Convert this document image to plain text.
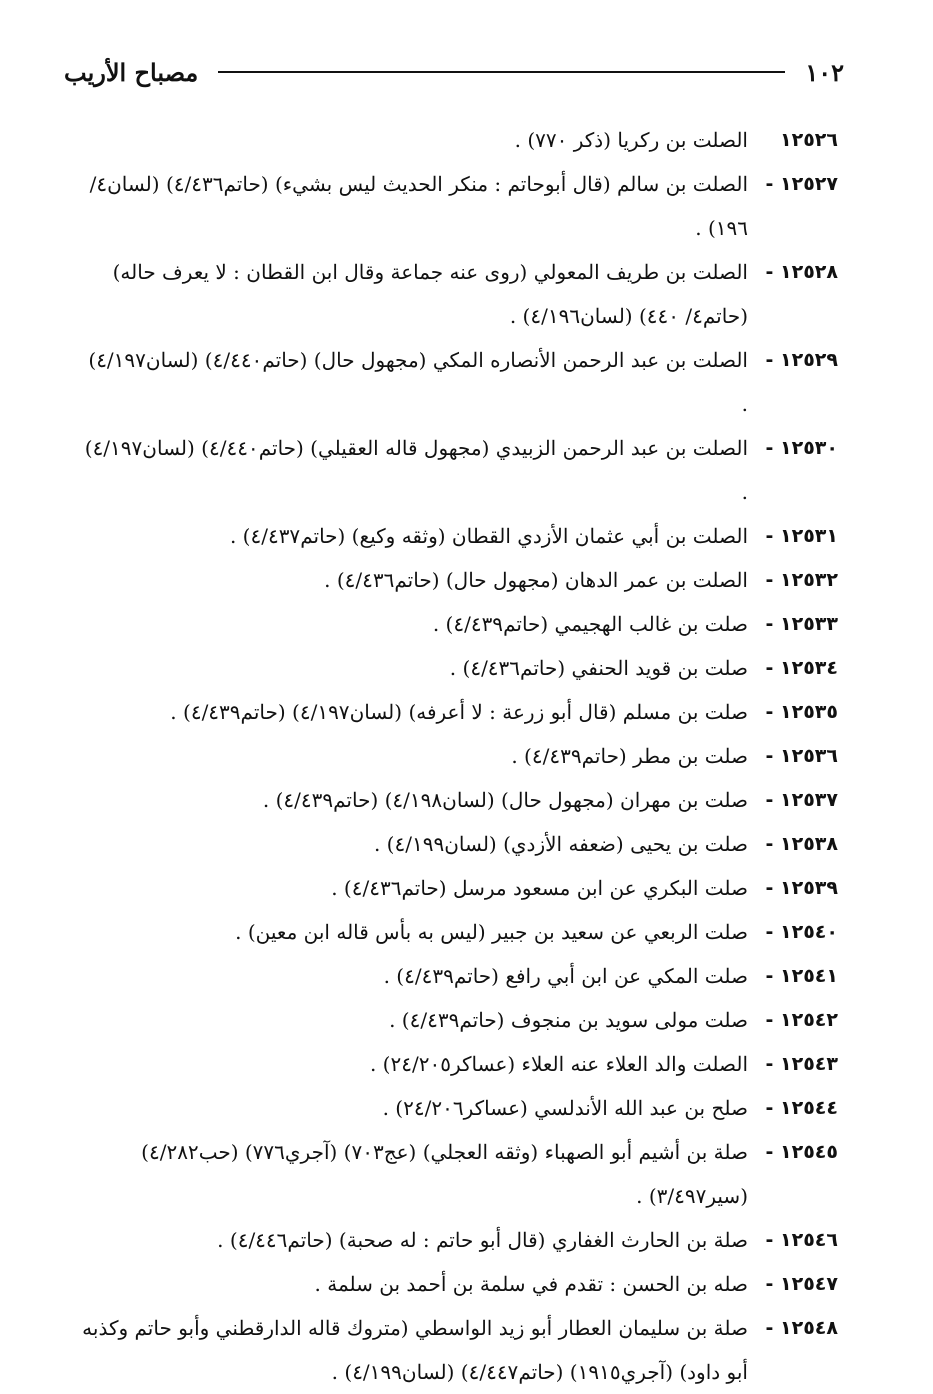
١٠٢
مصباح الأريب
١٢٥٢٦
الصلت بن ركريا (ذكر ٧٧٠) .
١٢٥٢٧ -
الصلت بن سالم (قال أبوحاتم : منكر الحديث ليس بشيء) (حاتم٤/٤٣٦) (لسان٤/ ١٩٦) .
١٢٥٢٨ -
الصلت بن طريف المعولي (روى عنه جماعة وقال ابن القطان : لا يعرف حاله) (حاتم٤/ ٤٤٠) (لسان٤/١٩٦) .
١٢٥٢٩ -
الصلت بن عبد الرحمن الأنصاره المكي (مجهول حال) (حاتم٤/٤٤٠) (لسان٤/١٩٧) .
١٢٥٣٠ -
الصلت بن عبد الرحمن الزبيدي (مجهول قاله العقيلي) (حاتم٤/٤٤٠) (لسان٤/١٩٧) .
١٢٥٣١ -
الصلت بن أبي عثمان الأزدي القطان (وثقه وكيع) (حاتم٤/٤٣٧) .
١٢٥٣٢ -
الصلت بن عمر الدهان (مجهول حال) (حاتم٤/٤٣٦) .
١٢٥٣٣ -
صلت بن غالب الهجيمي (حاتم٤/٤٣٩) .
١٢٥٣٤ -
صلت بن قويد الحنفي (حاتم٤/٤٣٦) .
١٢٥٣٥ -
صلت بن مسلم (قال أبو زرعة : لا أعرفه) (لسان٤/١٩٧) (حاتم٤/٤٣٩) .
١٢٥٣٦ -
صلت بن مطر (حاتم٤/٤٣٩) .
١٢٥٣٧ -
صلت بن مهران (مجهول حال) (لسان٤/١٩٨) (حاتم٤/٤٣٩) .
١٢٥٣٨ -
صلت بن يحيى (ضعفه الأزدي) (لسان٤/١٩٩) .
١٢٥٣٩ -
صلت البكري عن ابن مسعود مرسل (حاتم٤/٤٣٦) .
١٢٥٤٠ -
صلت الربعي عن سعيد بن جبير (ليس به بأس قاله ابن معين) .
١٢٥٤١ -
صلت المكي عن ابن أبي رافع (حاتم٤/٤٣٩) .
١٢٥٤٢ -
صلت مولى سويد بن منجوف (حاتم٤/٤٣٩) .
١٢٥٤٣ -
الصلت والد العلاء عنه العلاء (عساكر٢٤/٢٠٥) .
١٢٥٤٤ -
صلح بن عبد الله الأندلسي (عساكر٢٤/٢٠٦) .
١٢٥٤٥ -
صلة بن أشيم أبو الصهباء (وثقه العجلي) (عج٧٠٣) (آجري٧٧٦) (حب٤/٢٨٢) (سير٣/٤٩٧) .
١٢٥٤٦ -
صلة بن الحارث الغفاري (قال أبو حاتم : له صحبة) (حاتم٤/٤٤٦) .
١٢٥٤٧ -
صله بن الحسن : تقدم في سلمة بن أحمد بن سلمة .
١٢٥٤٨ -
صلة بن سليمان العطار أبو زيد الواسطي (متروك قاله الدارقطني وأبو حاتم وكذبه أبو داود) (آجري١٩١٥) (حاتم٤/٤٤٧) (لسان٤/١٩٩) .
